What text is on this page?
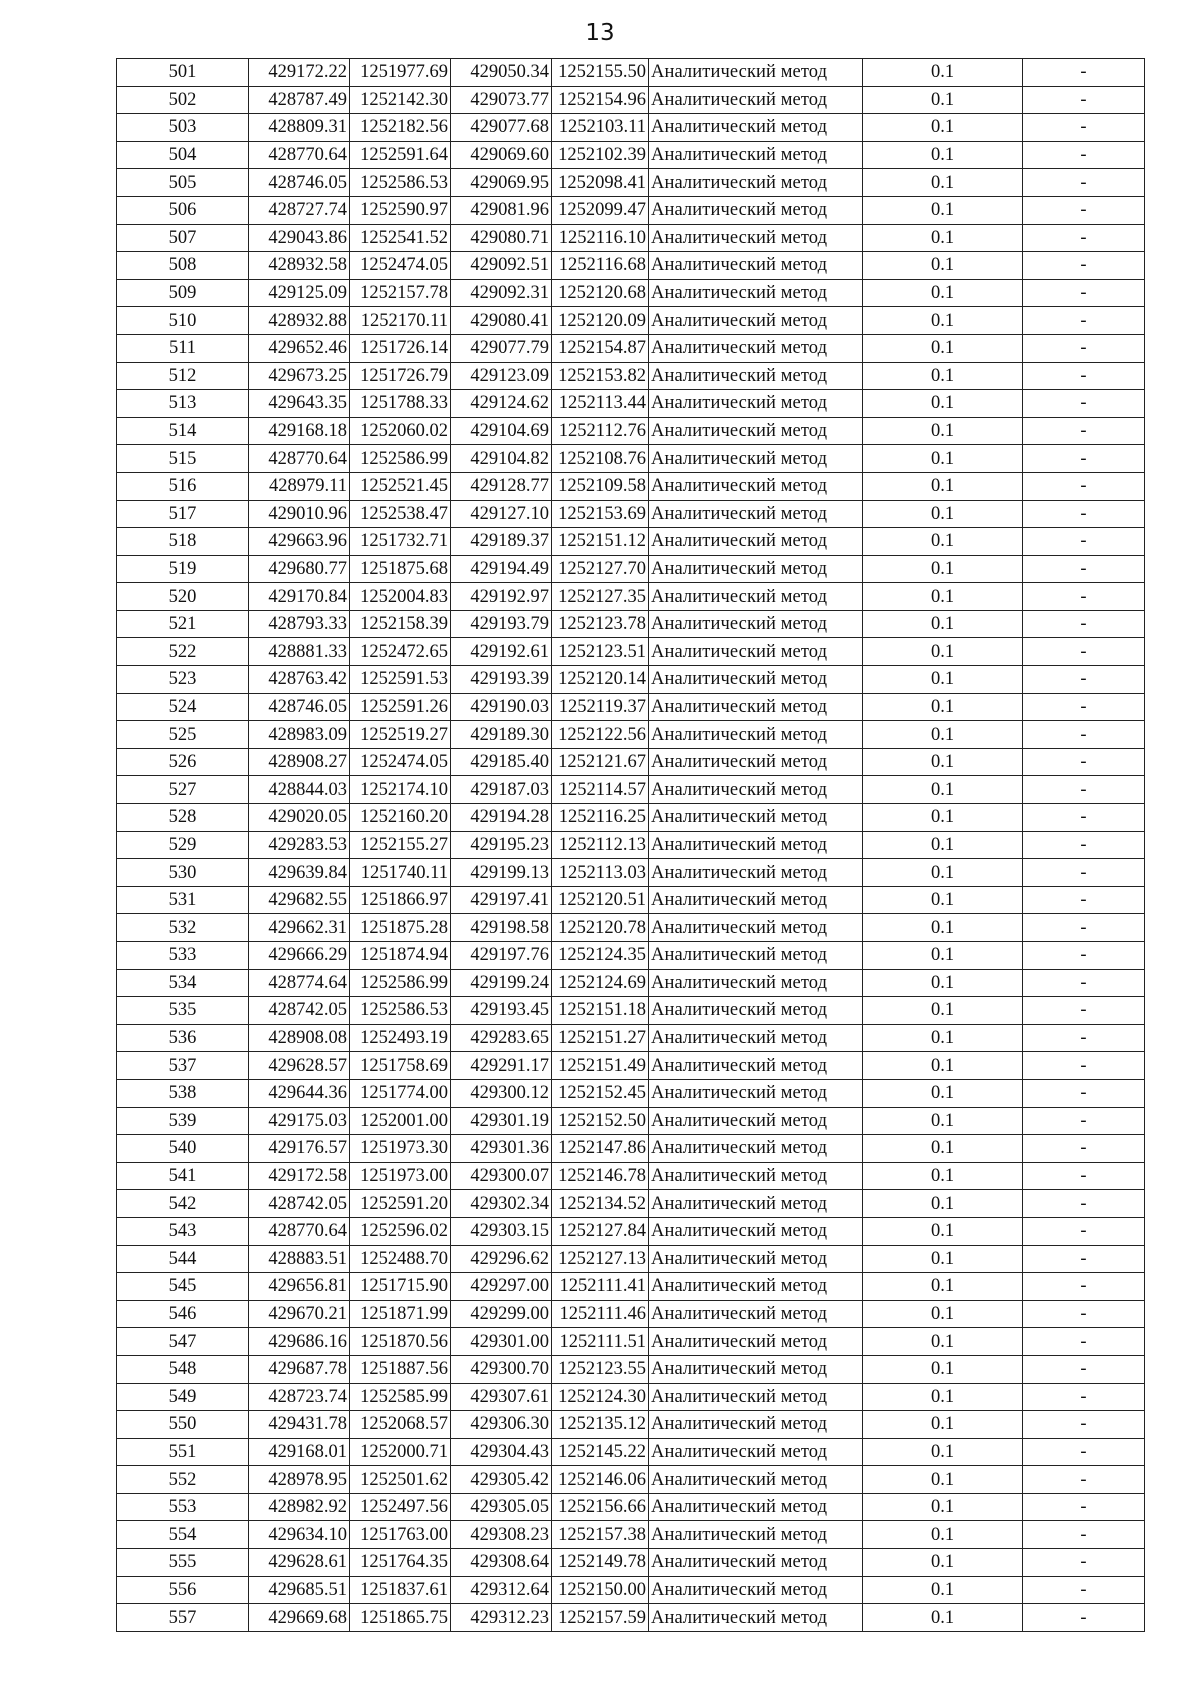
13
501	429172.22	1251977.69	429050.34	1252155.50	Аналитический метод	0.1	-
502	428787.49	1252142.30	429073.77	1252154.96	Аналитический метод	0.1	-
503	428809.31	1252182.56	429077.68	1252103.11	Аналитический метод	0.1	-
504	428770.64	1252591.64	429069.60	1252102.39	Аналитический метод	0.1	-
505	428746.05	1252586.53	429069.95	1252098.41	Аналитический метод	0.1	-
506	428727.74	1252590.97	429081.96	1252099.47	Аналитический метод	0.1	-
507	429043.86	1252541.52	429080.71	1252116.10	Аналитический метод	0.1	-
508	428932.58	1252474.05	429092.51	1252116.68	Аналитический метод	0.1	-
509	429125.09	1252157.78	429092.31	1252120.68	Аналитический метод	0.1	-
510	428932.88	1252170.11	429080.41	1252120.09	Аналитический метод	0.1	-
511	429652.46	1251726.14	429077.79	1252154.87	Аналитический метод	0.1	-
512	429673.25	1251726.79	429123.09	1252153.82	Аналитический метод	0.1	-
513	429643.35	1251788.33	429124.62	1252113.44	Аналитический метод	0.1	-
514	429168.18	1252060.02	429104.69	1252112.76	Аналитический метод	0.1	-
515	428770.64	1252586.99	429104.82	1252108.76	Аналитический метод	0.1	-
516	428979.11	1252521.45	429128.77	1252109.58	Аналитический метод	0.1	-
517	429010.96	1252538.47	429127.10	1252153.69	Аналитический метод	0.1	-
518	429663.96	1251732.71	429189.37	1252151.12	Аналитический метод	0.1	-
519	429680.77	1251875.68	429194.49	1252127.70	Аналитический метод	0.1	-
520	429170.84	1252004.83	429192.97	1252127.35	Аналитический метод	0.1	-
521	428793.33	1252158.39	429193.79	1252123.78	Аналитический метод	0.1	-
522	428881.33	1252472.65	429192.61	1252123.51	Аналитический метод	0.1	-
523	428763.42	1252591.53	429193.39	1252120.14	Аналитический метод	0.1	-
524	428746.05	1252591.26	429190.03	1252119.37	Аналитический метод	0.1	-
525	428983.09	1252519.27	429189.30	1252122.56	Аналитический метод	0.1	-
526	428908.27	1252474.05	429185.40	1252121.67	Аналитический метод	0.1	-
527	428844.03	1252174.10	429187.03	1252114.57	Аналитический метод	0.1	-
528	429020.05	1252160.20	429194.28	1252116.25	Аналитический метод	0.1	-
529	429283.53	1252155.27	429195.23	1252112.13	Аналитический метод	0.1	-
530	429639.84	1251740.11	429199.13	1252113.03	Аналитический метод	0.1	-
531	429682.55	1251866.97	429197.41	1252120.51	Аналитический метод	0.1	-
532	429662.31	1251875.28	429198.58	1252120.78	Аналитический метод	0.1	-
533	429666.29	1251874.94	429197.76	1252124.35	Аналитический метод	0.1	-
534	428774.64	1252586.99	429199.24	1252124.69	Аналитический метод	0.1	-
535	428742.05	1252586.53	429193.45	1252151.18	Аналитический метод	0.1	-
536	428908.08	1252493.19	429283.65	1252151.27	Аналитический метод	0.1	-
537	429628.57	1251758.69	429291.17	1252151.49	Аналитический метод	0.1	-
538	429644.36	1251774.00	429300.12	1252152.45	Аналитический метод	0.1	-
539	429175.03	1252001.00	429301.19	1252152.50	Аналитический метод	0.1	-
540	429176.57	1251973.30	429301.36	1252147.86	Аналитический метод	0.1	-
541	429172.58	1251973.00	429300.07	1252146.78	Аналитический метод	0.1	-
542	428742.05	1252591.20	429302.34	1252134.52	Аналитический метод	0.1	-
543	428770.64	1252596.02	429303.15	1252127.84	Аналитический метод	0.1	-
544	428883.51	1252488.70	429296.62	1252127.13	Аналитический метод	0.1	-
545	429656.81	1251715.90	429297.00	1252111.41	Аналитический метод	0.1	-
546	429670.21	1251871.99	429299.00	1252111.46	Аналитический метод	0.1	-
547	429686.16	1251870.56	429301.00	1252111.51	Аналитический метод	0.1	-
548	429687.78	1251887.56	429300.70	1252123.55	Аналитический метод	0.1	-
549	428723.74	1252585.99	429307.61	1252124.30	Аналитический метод	0.1	-
550	429431.78	1252068.57	429306.30	1252135.12	Аналитический метод	0.1	-
551	429168.01	1252000.71	429304.43	1252145.22	Аналитический метод	0.1	-
552	428978.95	1252501.62	429305.42	1252146.06	Аналитический метод	0.1	-
553	428982.92	1252497.56	429305.05	1252156.66	Аналитический метод	0.1	-
554	429634.10	1251763.00	429308.23	1252157.38	Аналитический метод	0.1	-
555	429628.61	1251764.35	429308.64	1252149.78	Аналитический метод	0.1	-
556	429685.51	1251837.61	429312.64	1252150.00	Аналитический метод	0.1	-
557	429669.68	1251865.75	429312.23	1252157.59	Аналитический метод	0.1	-
